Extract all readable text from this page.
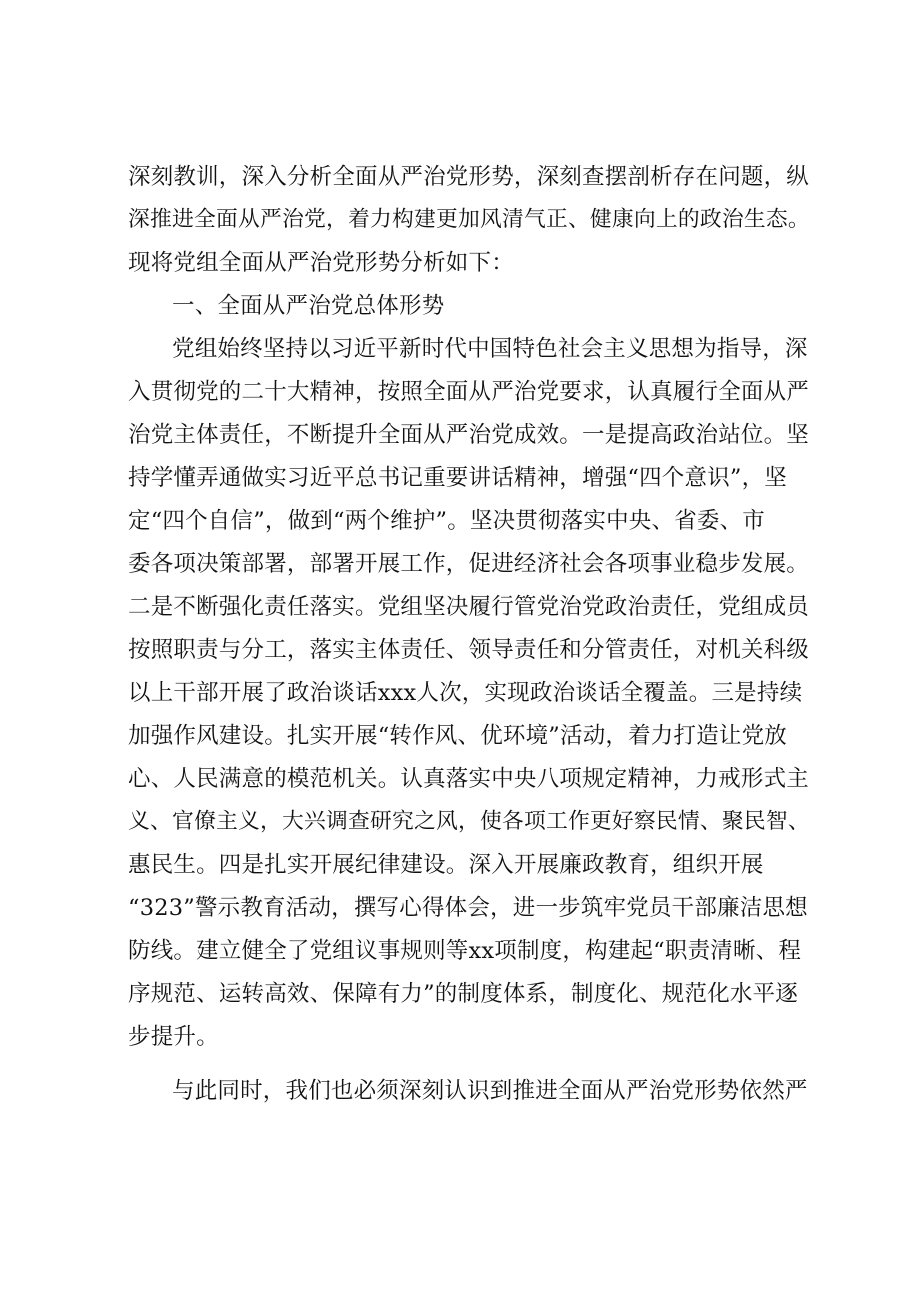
深刻教训，深入分析全面从严治党形势，深刻查摆剖析存在问题，纵
深推进全面从严治党，着力构建更加风清气正、健康向上的政治生态。
现将党组全面从严治党形势分析如下：
一、全面从严治党总体形势
党组始终坚持以习近平新时代中国特色社会主义思想为指导，深
入贯彻党的二十大精神，按照全面从严治党要求，认真履行全面从严
治党主体责任，不断提升全面从严治党成效。一是提高政治站位。坚
持学懂弄通做实习近平总书记重要讲话精神，增强“四个意识”，坚
定“四个自信”，做到“两个维护”。坚决贯彻落实中央、省委、市
委各项决策部署，部署开展工作，促进经济社会各项事业稳步发展。
二是不断强化责任落实。党组坚决履行管党治党政治责任，党组成员
按照职责与分工，落实主体责任、领导责任和分管责任，对机关科级
以上干部开展了政治谈话xxx人次，实现政治谈话全覆盖。三是持续
加强作风建设。扎实开展“转作风、优环境”活动，着力打造让党放
心、人民满意的模范机关。认真落实中央八项规定精神，力戒形式主
义、官僚主义，大兴调查研究之风，使各项工作更好察民情、聚民智、
惠民生。四是扎实开展纪律建设。深入开展廉政教育，组织开展
“323”警示教育活动，撰写心得体会，进一步筑牢党员干部廉洁思想
防线。建立健全了党组议事规则等xx项制度，构建起“职责清晰、程
序规范、运转高效、保障有力”的制度体系，制度化、规范化水平逐
步提升。
与此同时，我们也必须深刻认识到推进全面从严治党形势依然严
